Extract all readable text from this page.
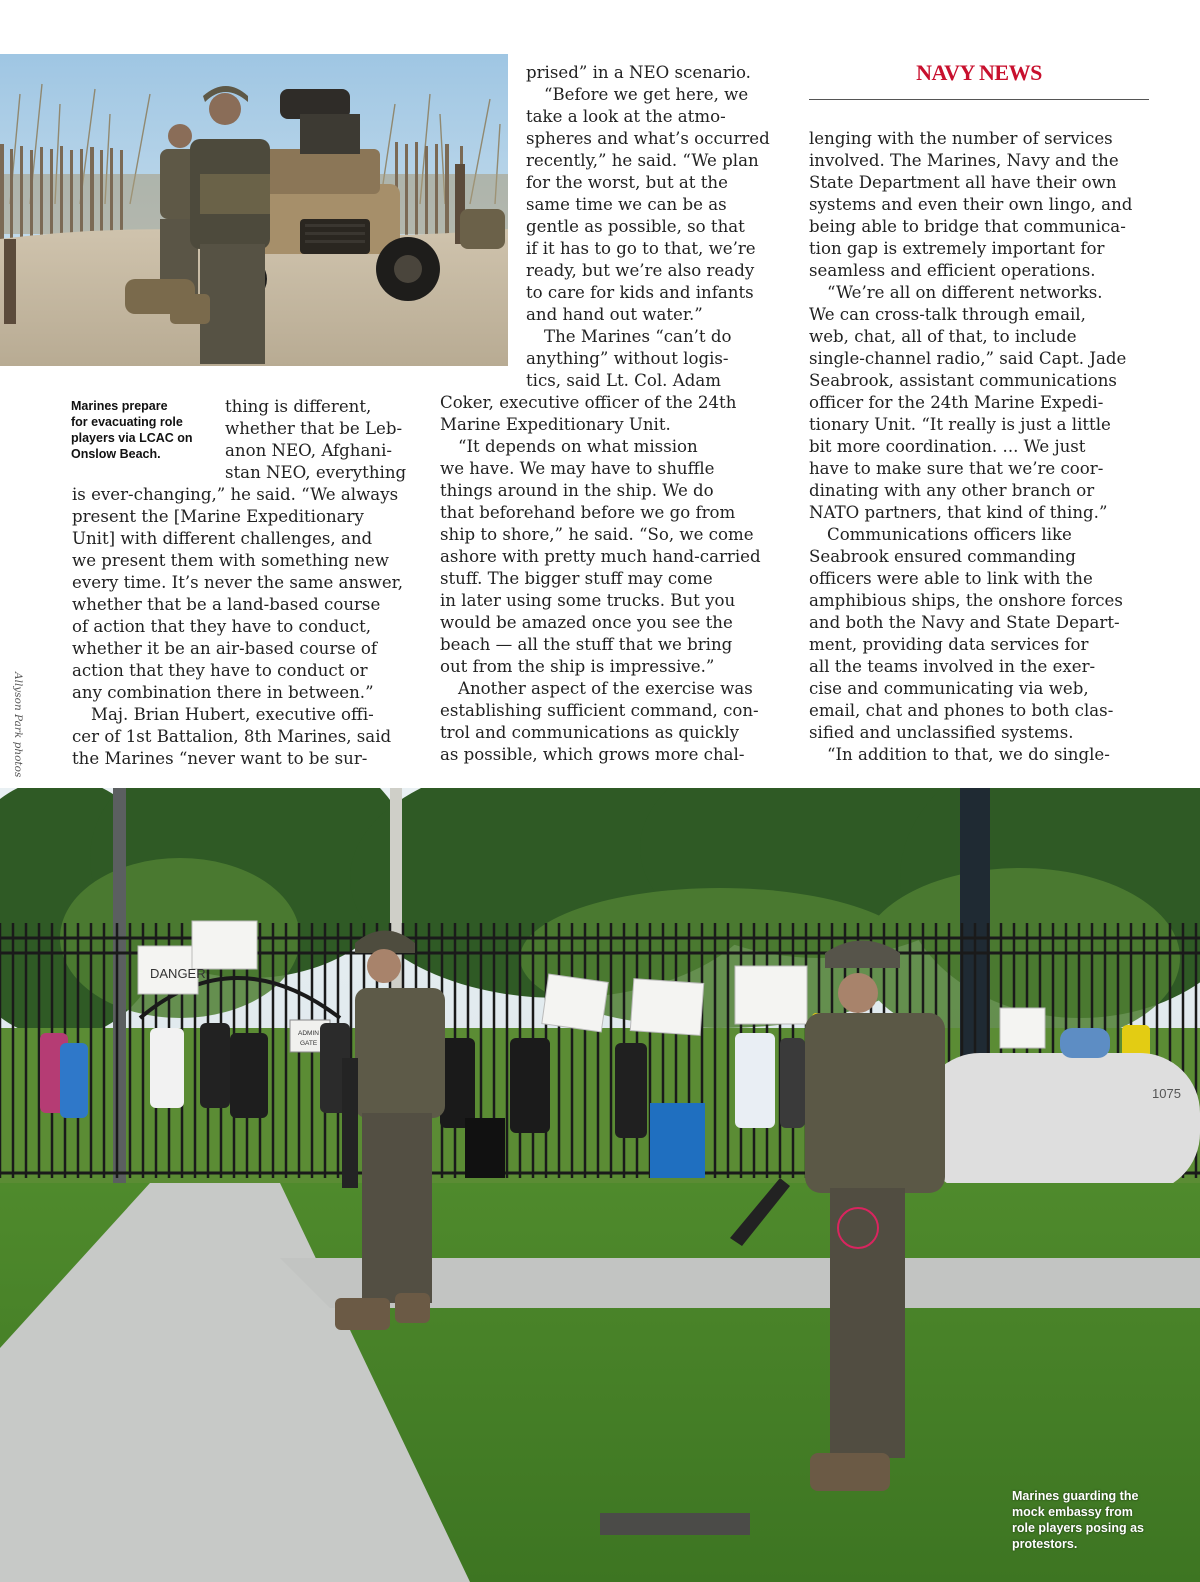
DANGER
ADMIN
GATE
1075
Allyson Park photos
NAVY NEWS
Marines prepare
for evacuating role
players via LCAC on
Onslow Beach.
Marines guarding the
mock embassy from
role players posing as
protestors.
thing is different,
whether that be Leb-
anon NEO, Afghani-
stan NEO, everything
is ever-changing,” he said. “We always
present the [Marine Expeditionary
Unit] with different challenges, and
we present them with something new
every time. It’s never the same answer,
whether that be a land-based course
of action that they have to conduct,
whether it be an air-based course of
action that they have to conduct or
any combination there in between.”
Maj. Brian Hubert, executive offi-
cer of 1st Battalion, 8th Marines, said
the Marines “never want to be sur-
prised” in a NEO scenario.
“Before we get here, we
take a look at the atmo-
spheres and what’s occurred
recently,” he said. “We plan
for the worst, but at the
same time we can be as
gentle as possible, so that
if it has to go to that, we’re
ready, but we’re also ready
to care for kids and infants
and hand out water.”
The Marines “can’t do
anything” without logis-
tics, said Lt. Col. Adam
Coker, executive officer of the 24th
Marine Expeditionary Unit.
“It depends on what mission
we have. We may have to shuffle
things around in the ship. We do
that beforehand before we go from
ship to shore,” he said. “So, we come
ashore with pretty much hand-carried
stuff. The bigger stuff may come
in later using some trucks. But you
would be amazed once you see the
beach — all the stuff that we bring
out from the ship is impressive.”
Another aspect of the exercise was
establishing sufficient command, con-
trol and communications as quickly
as possible, which grows more chal-
lenging with the number of services
involved. The Marines, Navy and the
State Department all have their own
systems and even their own lingo, and
being able to bridge that communica-
tion gap is extremely important for
seamless and efficient operations.
“We’re all on different networks.
We can cross-talk through email,
web, chat, all of that, to include
single-channel radio,” said Capt. Jade
Seabrook, assistant communications
officer for the 24th Marine Expedi-
tionary Unit. “It really is just a little
bit more coordination. ... We just
have to make sure that we’re coor-
dinating with any other branch or
NATO partners, that kind of thing.”
Communications officers like
Seabrook ensured commanding
officers were able to link with the
amphibious ships, the onshore forces
and both the Navy and State Depart-
ment, providing data services for
all the teams involved in the exer-
cise and communicating via web,
email, chat and phones to both clas-
sified and unclassified systems.
“In addition to that, we do single-
